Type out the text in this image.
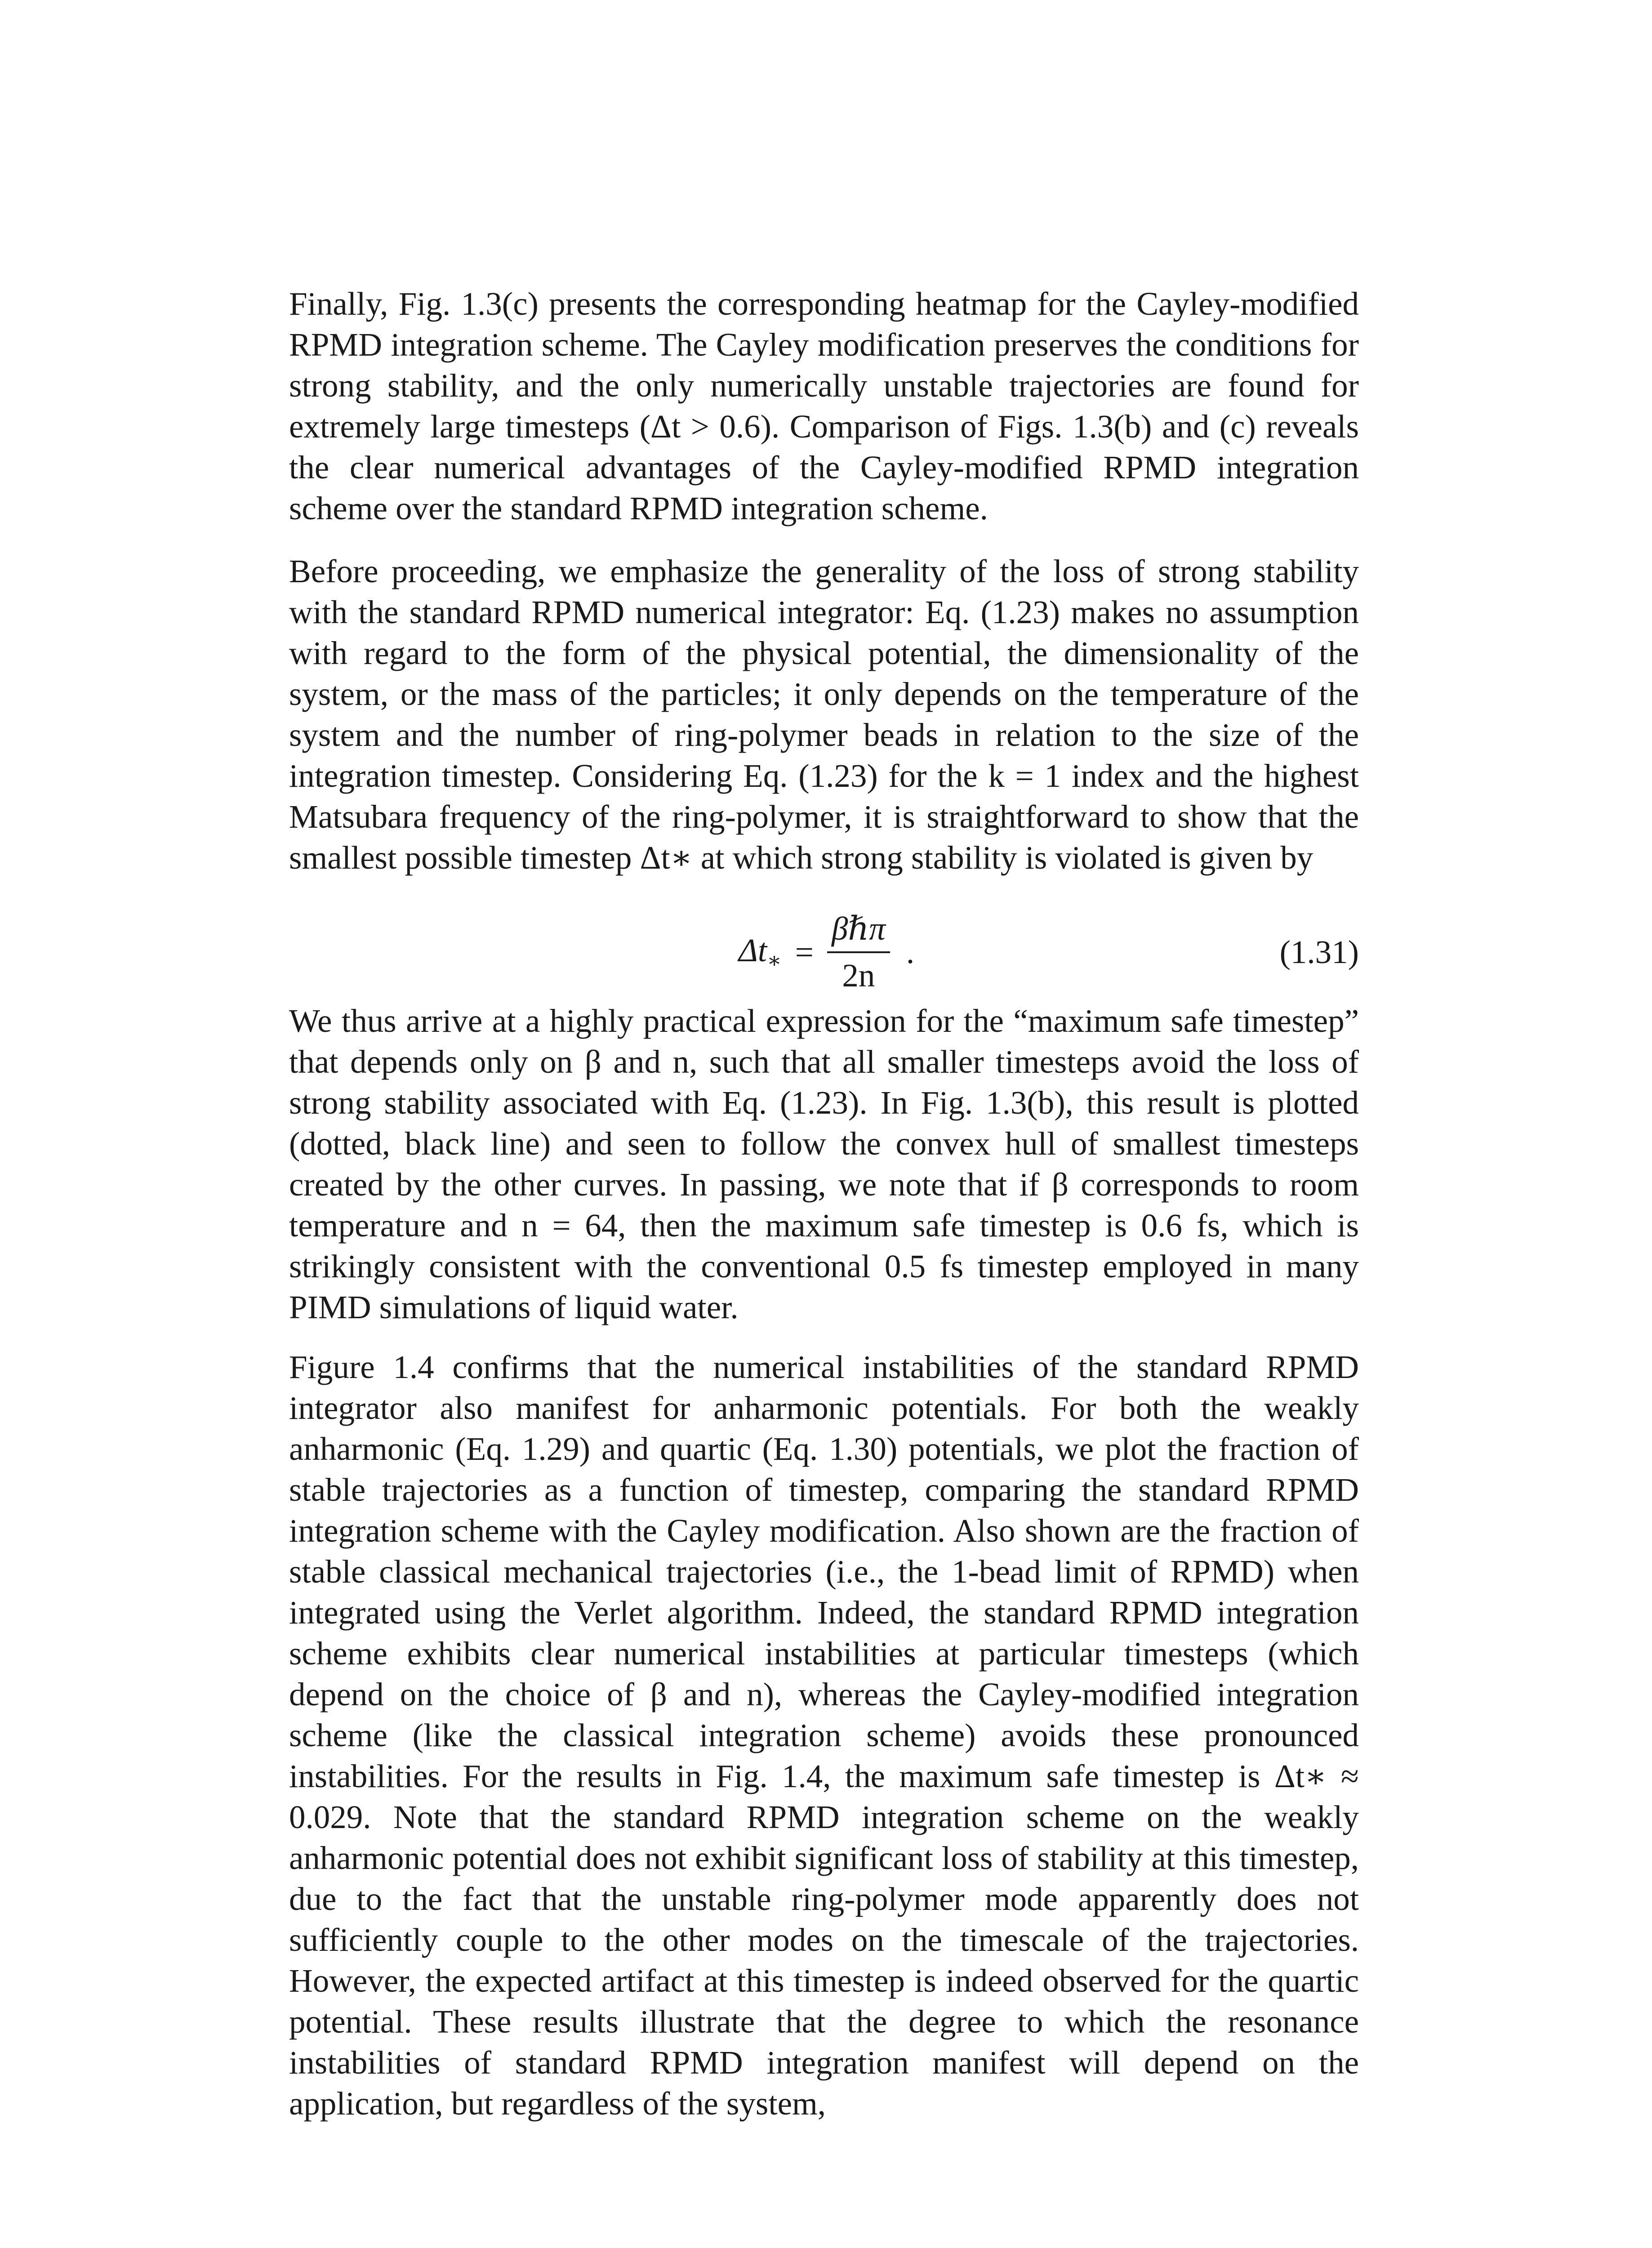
Finally, Fig. 1.3(c) presents the corresponding heatmap for the Cayley-modified RPMD integration scheme. The Cayley modification preserves the conditions for strong stability, and the only numerically unstable trajectories are found for extremely large timesteps (Δt > 0.6). Comparison of Figs. 1.3(b) and (c) reveals the clear numerical advantages of the Cayley-modified RPMD integration scheme over the standard RPMD integration scheme.

Before proceeding, we emphasize the generality of the loss of strong stability with the standard RPMD numerical integrator: Eq. (1.23) makes no assumption with regard to the form of the physical potential, the dimensionality of the system, or the mass of the particles; it only depends on the temperature of the system and the number of ring-polymer beads in relation to the size of the integration timestep. Considering Eq. (1.23) for the k = 1 index and the highest Matsubara frequency of the ring-polymer, it is straightforward to show that the smallest possible timestep Δt∗ at which strong stability is violated is given by

$\Delta t_∗ = \frac{\text{βℏπ}}{2n}$ .	(1.31)

We thus arrive at a highly practical expression for the “maximum safe timestep” that depends only on β and n, such that all smaller timesteps avoid the loss of strong stability associated with Eq. (1.23). In Fig. 1.3(b), this result is plotted (dotted, black line) and seen to follow the convex hull of smallest timesteps created by the other curves. In passing, we note that if β corresponds to room temperature and n = 64, then the maximum safe timestep is 0.6 fs, which is strikingly consistent with the conventional 0.5 fs timestep employed in many PIMD simulations of liquid water.

Figure 1.4 confirms that the numerical instabilities of the standard RPMD integrator also manifest for anharmonic potentials. For both the weakly anharmonic (Eq. 1.29) and quartic (Eq. 1.30) potentials, we plot the fraction of stable trajectories as a function of timestep, comparing the standard RPMD integration scheme with the Cayley modification. Also shown are the fraction of stable classical mechanical trajectories (i.e., the 1-bead limit of RPMD) when integrated using the Verlet algorithm. Indeed, the standard RPMD integration scheme exhibits clear numerical instabilities at particular timesteps (which depend on the choice of β and n), whereas the Cayley-modified integration scheme (like the classical integration scheme) avoids these pronounced instabilities. For the results in Fig. 1.4, the maximum safe timestep is Δt∗ ≈ 0.029. Note that the standard RPMD integration scheme on the weakly anharmonic potential does not exhibit significant loss of stability at this timestep, due to the fact that the unstable ring-polymer mode apparently does not sufficiently couple to the other modes on the timescale of the trajectories. However, the expected artifact at this timestep is indeed observed for the quartic potential. These results illustrate that the degree to which the resonance instabilities of standard RPMD integration manifest will depend on the application, but regardless of the system,
